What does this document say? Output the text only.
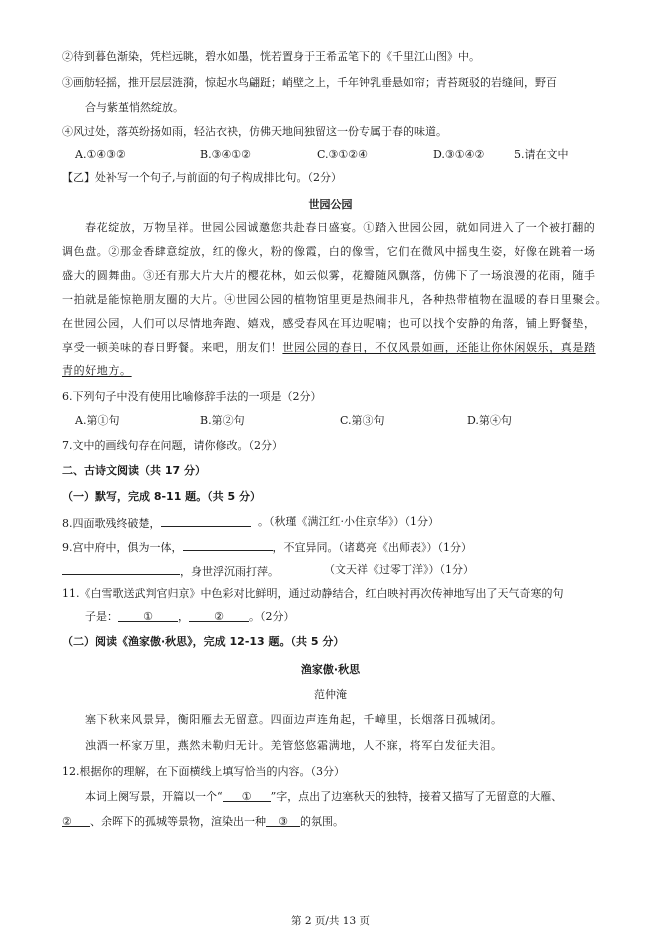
②待到暮色渐染，凭栏远眺，碧水如墨，恍若置身于王希孟笔下的《千里江山图》中。
③画舫轻摇，推开层层涟漪，惊起水鸟翩跹；峭壁之上，千年钟乳垂悬如帘；青苔斑驳的岩缝间，野百
合与紫堇悄然绽放。
④风过处，落英纷扬如雨，轻沾衣袂，仿佛天地间独留这一份专属于春的味道。
A.①④③②	B.③④①②	C.③①②④	D.③①④②	5.请在文中
【乙】处补写一个句子,与前面的句子构成排比句。（2分）
世园公园
春花绽放，万物呈祥。世园公园诚邀您共赴春日盛宴。①踏入世园公园，就如同进入了一个被打翻的
调色盘。②那金香肆意绽放，红的像火，粉的像霞，白的像雪，它们在微风中摇曳生姿，好像在跳着一场
盛大的圆舞曲。③还有那大片大片的樱花林，如云似雾，花瓣随风飘落，仿佛下了一场浪漫的花雨，随手
一拍就是能惊艳朋友圈的大片。④世园公园的植物馆里更是热闹非凡，各种热带植物在温暖的春日里聚会。
在世园公园，人们可以尽情地奔跑、嬉戏，感受春风在耳边呢喃；也可以找个安静的角落，铺上野餐垫，
享受一顿美味的春日野餐。来吧，朋友们！世园公园的春日，不仅风景如画，还能让你休闲娱乐，真是踏
青的好地方。
6.下列句子中没有使用比喻修辞手法的一项是（2分）
A.第①句	B.第②句	C.第③句	D.第④句
7.文中的画线句存在问题，请你修改。（2分）
二、古诗文阅读（共 17 分）
（一）默写，完成 8-11 题。（共 5 分）
8.四面歌残终破楚，	。（秋瑾《满江红·小住京华》）（1分）
9.宫中府中，俱为一体，	，不宜异同。（诸葛亮《出师表》）（1分）
，身世浮沉雨打萍。	（文天祥《过零丁洋》）（1分）
11.《白雪歌送武判官归京》中色彩对比鲜明，通过动静结合，红白映衬再次传神地写出了天气奇寒的句
子是： ① ， ② 。（2分）
（二）阅读《渔家傲·秋思》，完成 12-13 题。（共 5 分）
渔家傲·秋思
范仲淹
塞下秋来风景异，衡阳雁去无留意。四面边声连角起，千嶂里，长烟落日孤城闭。
浊酒一杯家万里，燕然未勒归无计。羌管悠悠霜满地，人不寐，将军白发征夫泪。
12.根据你的理解，在下面横线上填写恰当的内容。（3分）
本词上阕写景，开篇以一个“ ① ”字，点出了边塞秋天的独特，接着又描写了无留意的大雁、
② 、余晖下的孤城等景物，渲染出一种 ③ 的氛围。
第 2 页/共 13 页
